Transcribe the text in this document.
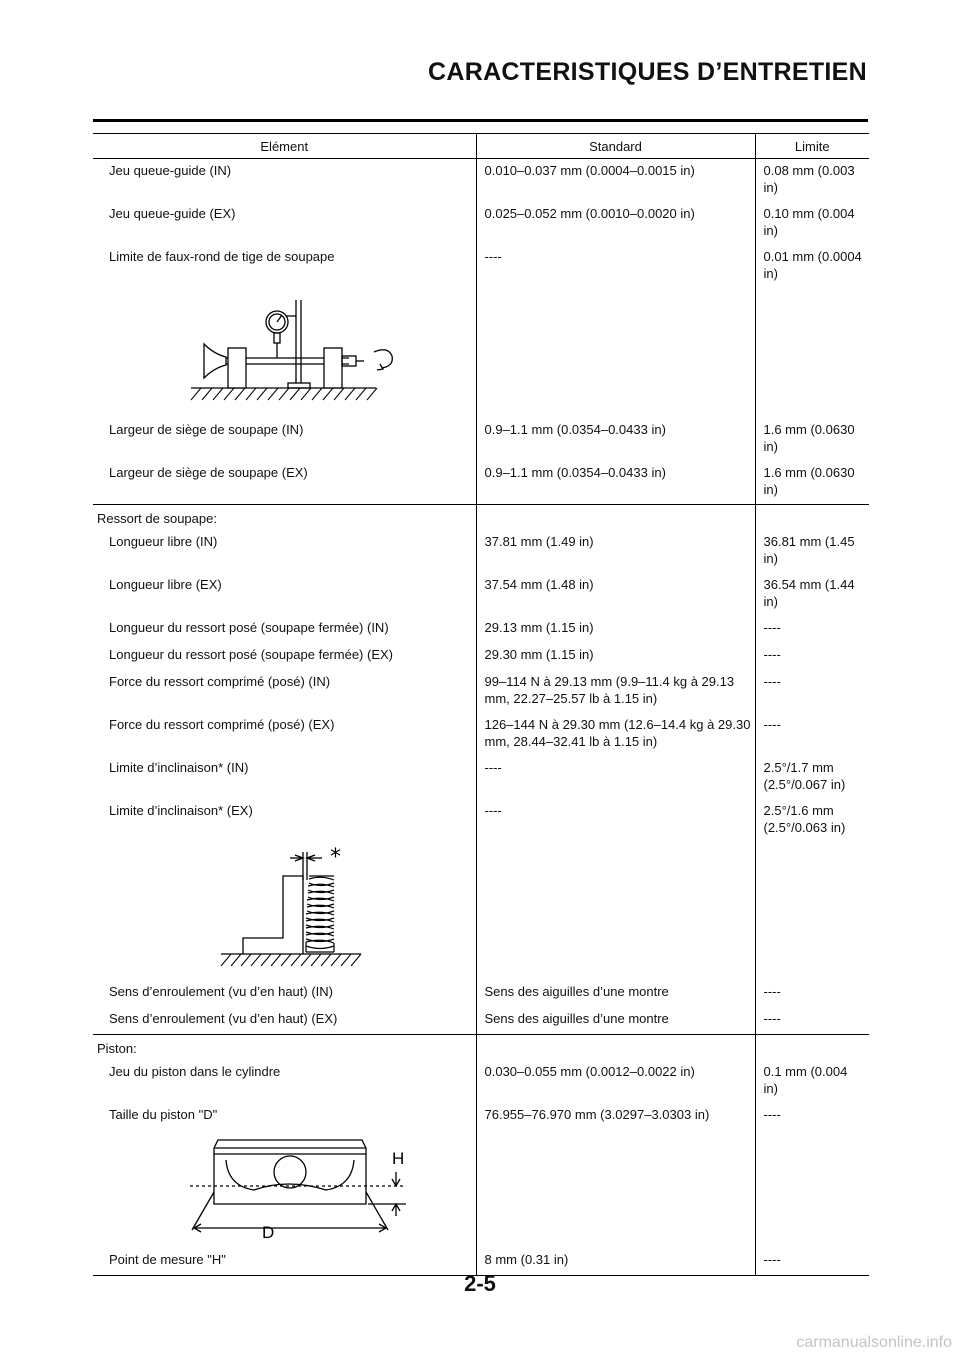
CARACTERISTIQUES D’ENTRETIEN
Elément	Standard	Limite
Jeu queue-guide (IN)	0.010–0.037 mm (0.0004–0.0015 in)	0.08 mm (0.003 in)
Jeu queue-guide (EX)	0.025–0.052 mm (0.0010–0.0020 in)	0.10 mm (0.004 in)
Limite de faux-rond de tige de soupape	----	0.01 mm (0.0004 in)

Largeur de siège de soupape (IN)	0.9–1.1 mm (0.0354–0.0433 in)	1.6 mm (0.0630 in)
Largeur de siège de soupape (EX)	0.9–1.1 mm (0.0354–0.0433 in)	1.6 mm (0.0630 in)
Ressort de soupape:		
Longueur libre (IN)	37.81 mm (1.49 in)	36.81 mm (1.45 in)
Longueur libre (EX)	37.54 mm (1.48 in)	36.54 mm (1.44 in)
Longueur du ressort posé (soupape fermée) (IN)	29.13 mm (1.15 in)	----
Longueur du ressort posé (soupape fermée) (EX)	29.30 mm (1.15 in)	----
Force du ressort comprimé (posé) (IN)	99–114 N à 29.13 mm (9.9–11.4 kg à 29.13 mm, 22.27–25.57 lb à 1.15 in)	----
Force du ressort comprimé (posé) (EX)	126–144 N à 29.30 mm (12.6–14.4 kg à 29.30 mm, 28.44–32.41 lb à 1.15 in)	----
Limite d’inclinaison* (IN)	----	2.5°/1.7 mm (2.5°/0.067 in)
Limite d’inclinaison* (EX)	----	2.5°/1.6 mm (2.5°/0.063 in)

*		

Sens d’enroulement (vu d’en haut) (IN)	Sens des aiguilles d’une montre	----
Sens d’enroulement (vu d’en haut) (EX)	Sens des aiguilles d’une montre	----
Piston:		
Jeu du piston dans le cylindre	0.030–0.055 mm (0.0012–0.0022 in)	0.1 mm (0.004 in)
Taille du piston "D"	76.955–76.970 mm (3.0297–3.0303 in)	----

H
D		

Point de mesure "H"	8 mm (0.31 in)	----
2-5
carmanualsonline.info
